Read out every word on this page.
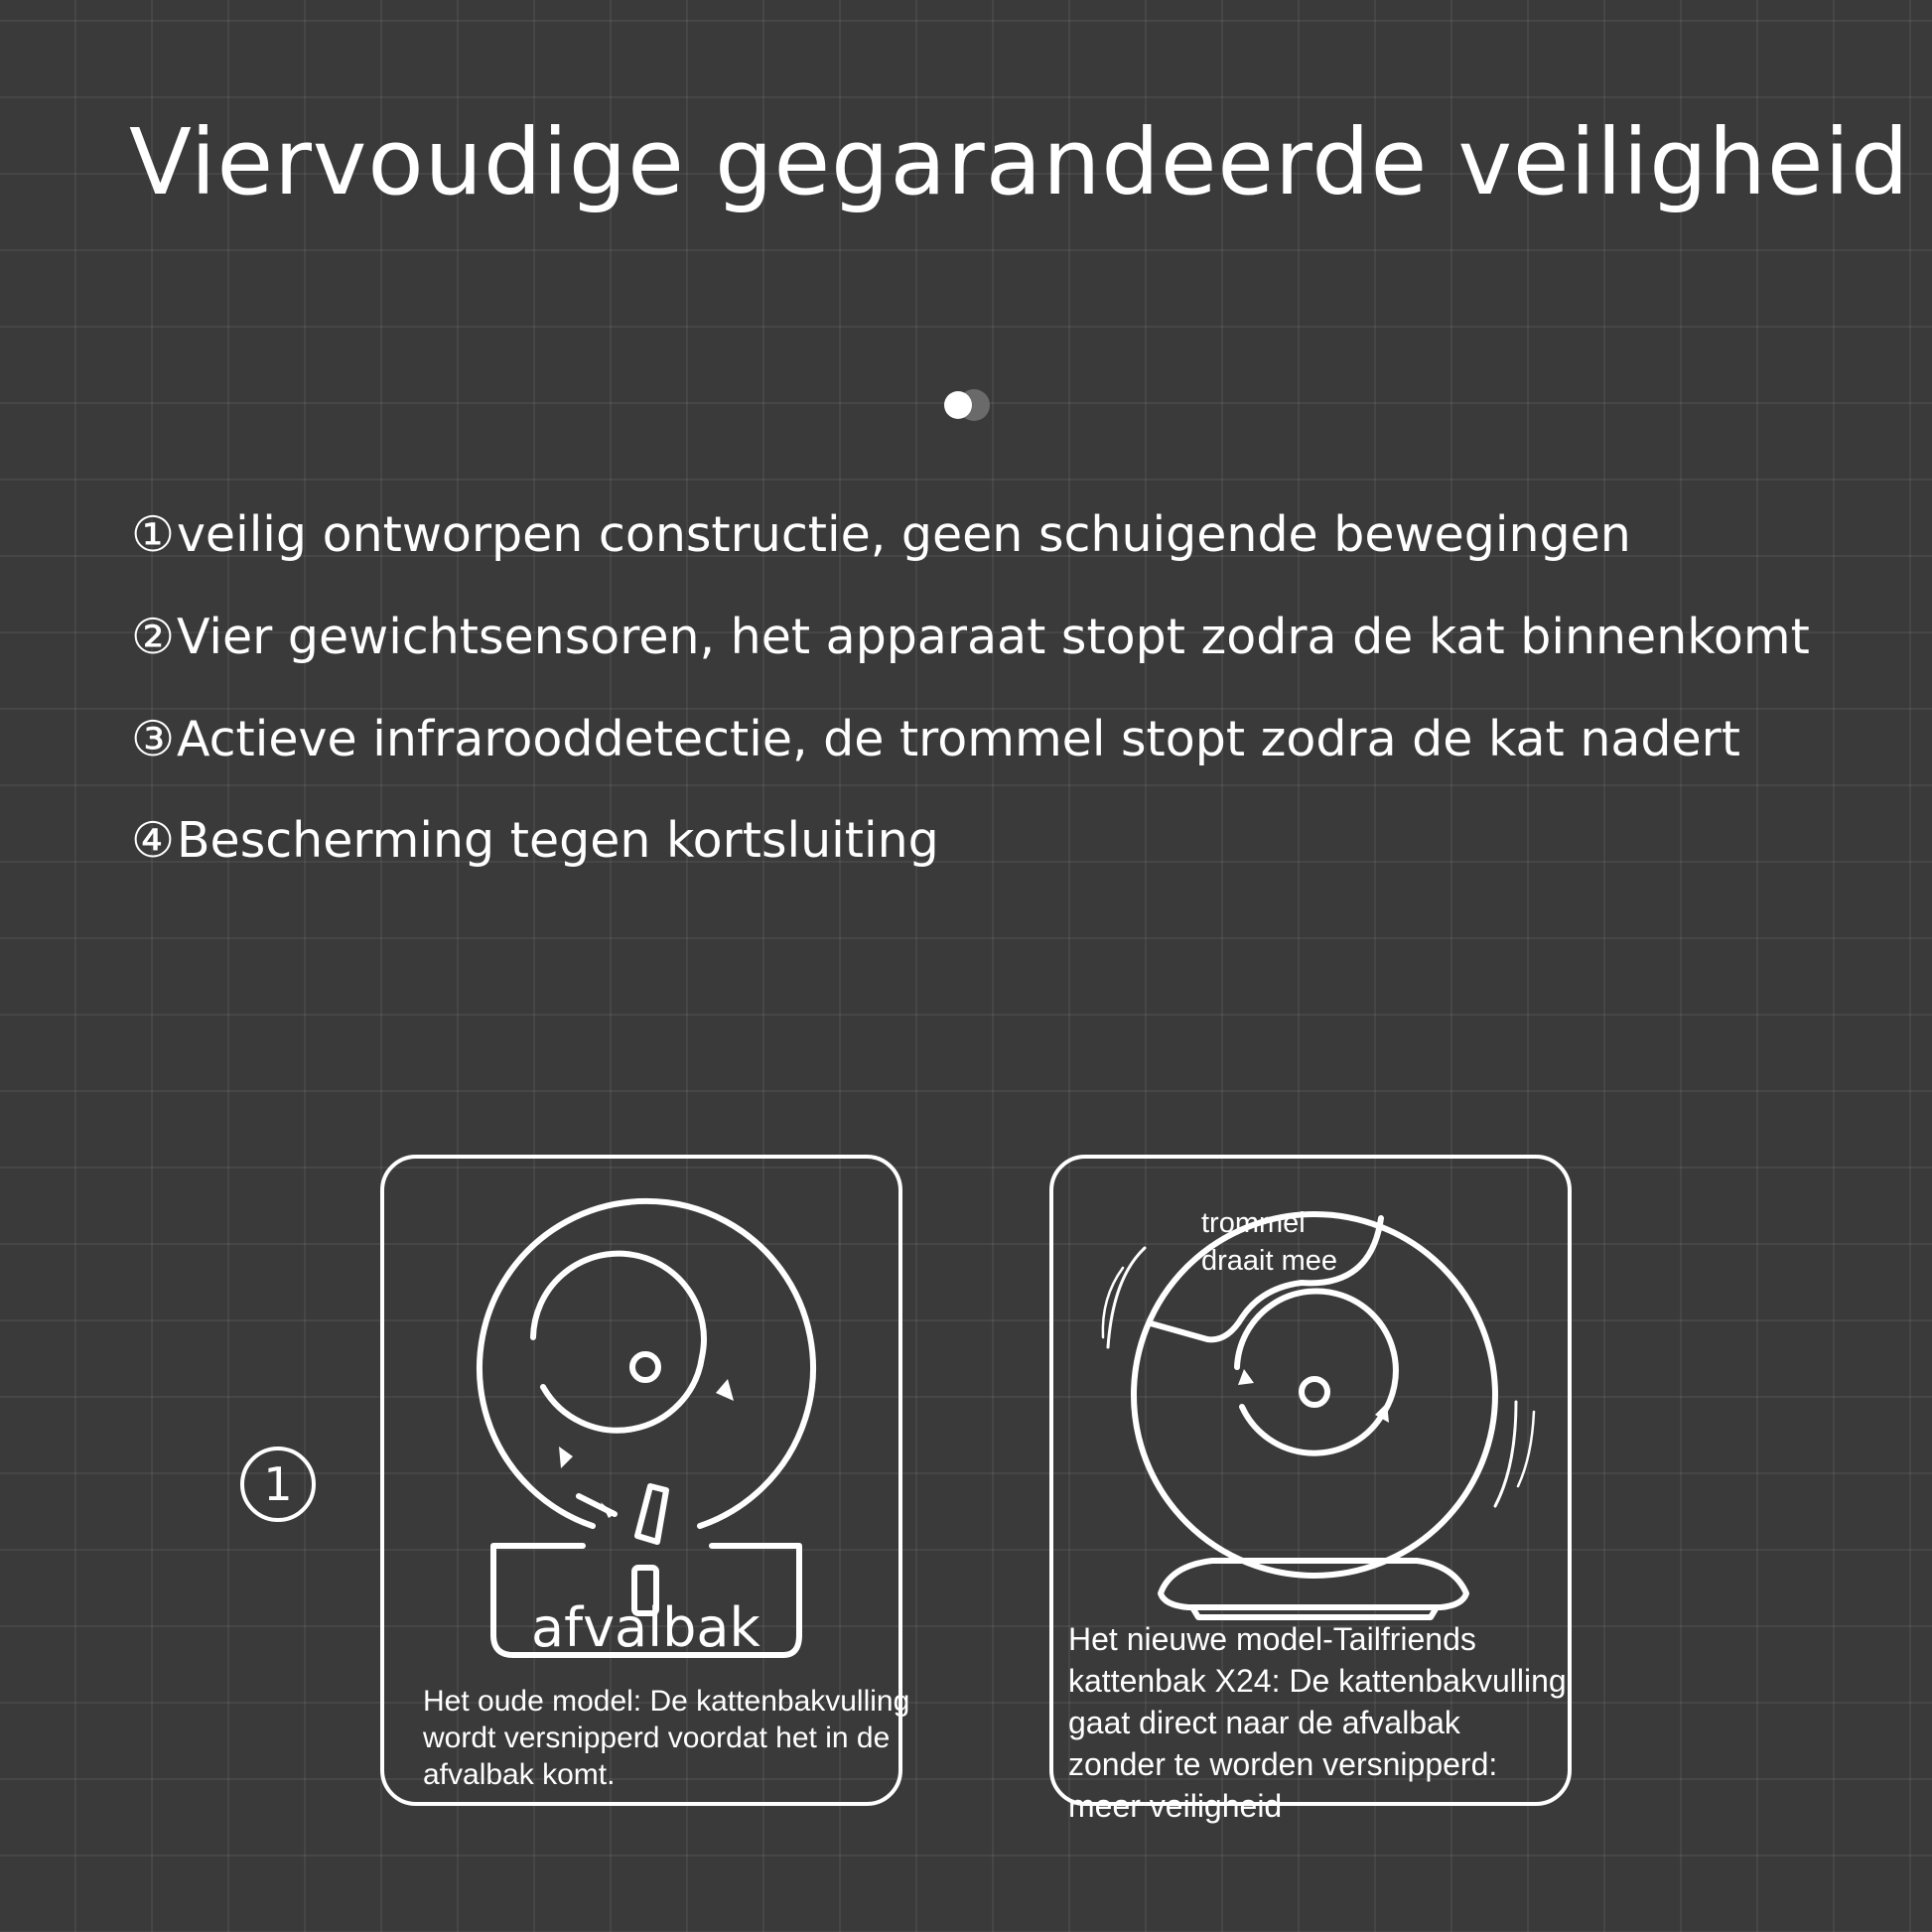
Viervoudige gegarandeerde veiligheid
①veilig ontworpen constructie, geen schuigende bewegingen
②Vier gewichtsensoren, het apparaat stopt zodra de kat binnenkomt
③Actieve infrarooddetectie, de trommel stopt zodra de kat nadert
④Bescherming tegen kortsluiting
1
afvalbak
Het oude model: De kattenbakvulling
wordt versnipperd voordat het in de
afvalbak komt.
trommel
draait mee
Het nieuwe model-Tailfriends
kattenbak X24: De kattenbakvulling
gaat direct naar de afvalbak
zonder te worden versnipperd:
meer veiligheid
